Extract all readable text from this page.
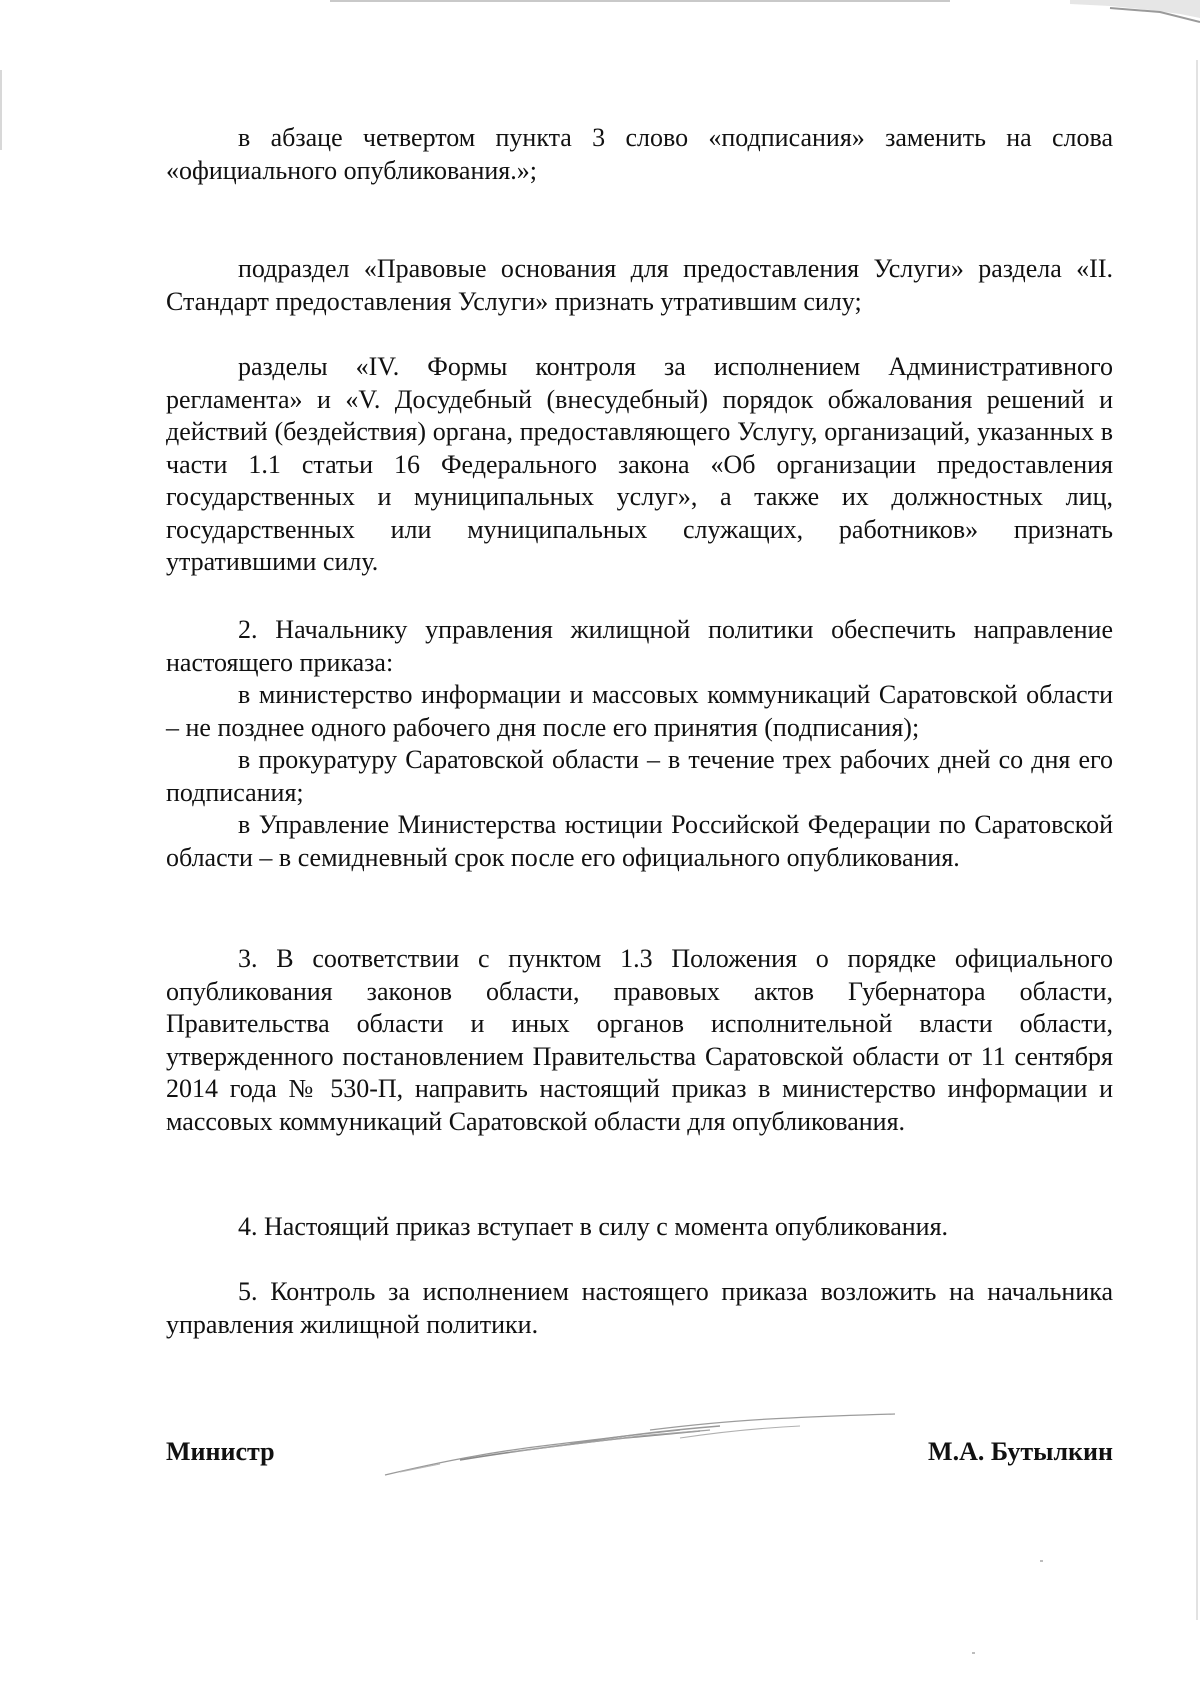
в абзаце четвертом пункта 3 слово «подписания» заменить на слова «официального опубликования.»;

подраздел «Правовые основания для предоставления Услуги» раздела «II. Стандарт предоставления Услуги» признать утратившим силу;

разделы «IV. Формы контроля за исполнением Административного регламента» и «V. Досудебный (внесудебный) порядок обжалования решений и действий (бездействия) органа, предоставляющего Услугу, организаций, указанных в части 1.1 статьи 16 Федерального закона «Об организации предоставления государственных и муниципальных услуг», а также их должностных лиц, государственных или муниципальных служащих, работников» признать утратившими силу.

2. Начальнику управления жилищной политики обеспечить направление настоящего приказа:

в министерство информации и массовых коммуникаций Саратовской области – не позднее одного рабочего дня после его принятия (подписания);

в прокуратуру Саратовской области – в течение трех рабочих дней со дня его подписания;

в Управление Министерства юстиции Российской Федерации по Саратовской области – в семидневный срок после его официального опубликования.

3. В соответствии с пунктом 1.3 Положения о порядке официального опубликования законов области, правовых актов Губернатора области, Правительства области и иных органов исполнительной власти области, утвержденного постановлением Правительства Саратовской области от 11 сентября 2014 года № 530-П, направить настоящий приказ в министерство информации и массовых коммуникаций Саратовской области для опубликования.

4. Настоящий приказ вступает в силу с момента опубликования.

5. Контроль за исполнением настоящего приказа возложить на начальника управления жилищной политики.

Министр	М.А. Бутылкин
